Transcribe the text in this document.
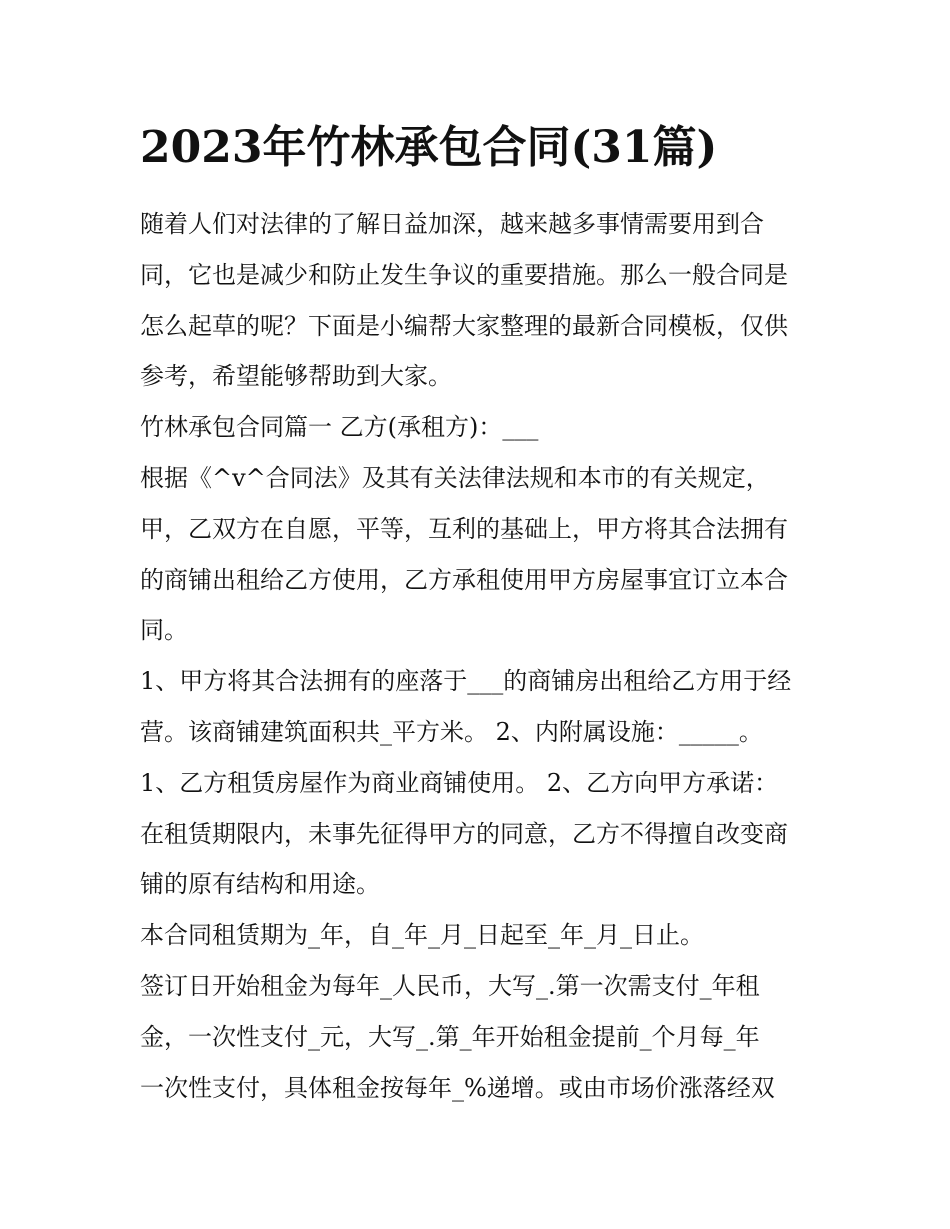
2023年竹林承包合同(31篇)
随着人们对法律的了解日益加深，越来越多事情需要用到合
同，它也是减少和防止发生争议的重要措施。那么一般合同是
怎么起草的呢？下面是小编帮大家整理的最新合同模板，仅供
参考，希望能够帮助到大家。
竹林承包合同篇一 乙方(承租方)：___
根据《^v^合同法》及其有关法律法规和本市的有关规定，
甲，乙双方在自愿，平等，互利的基础上，甲方将其合法拥有
的商铺出租给乙方使用，乙方承租使用甲方房屋事宜订立本合
同。
1、甲方将其合法拥有的座落于___的商铺房出租给乙方用于经
营。该商铺建筑面积共_平方米。 2、内附属设施：_____。
1、乙方租赁房屋作为商业商铺使用。 2、乙方向甲方承诺：
在租赁期限内，未事先征得甲方的同意，乙方不得擅自改变商
铺的原有结构和用途。
本合同租赁期为_年，自_年_月_日起至_年_月_日止。
签订日开始租金为每年_人民币，大写_.第一次需支付_年租
金，一次性支付_元，大写_.第_年开始租金提前_个月每_年
一次性支付，具体租金按每年_%递增。或由市场价涨落经双
